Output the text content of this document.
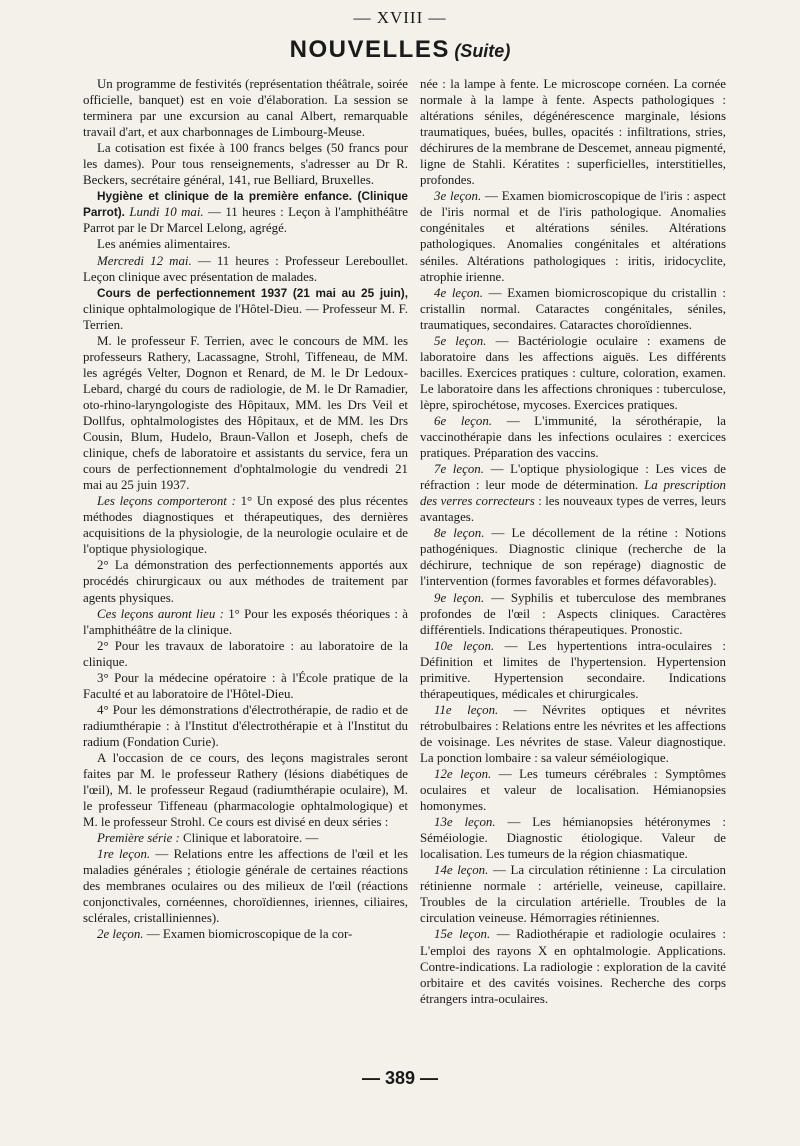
— XVIII —
NOUVELLES (Suite)

Un programme de festivités (représentation théâtrale, soirée officielle, banquet) est en voie d'élaboration. La session se terminera par une excursion au canal Albert, remarquable travail d'art, et aux charbonnages de Limbourg-Meuse.

La cotisation est fixée à 100 francs belges (50 francs pour les dames). Pour tous renseignements, s'adresser au Dr R. Beckers, secrétaire général, 141, rue Belliard, Bruxelles.

Hygiène et clinique de la première enfance. (Clinique Parrot). Lundi 10 mai. — 11 heures : Leçon à l'amphithéâtre Parrot par le Dr Marcel Lelong, agrégé.

Les anémies alimentaires.

Mercredi 12 mai. — 11 heures : Professeur Lereboullet. Leçon clinique avec présentation de malades.

Cours de perfectionnement 1937 (21 mai au 25 juin), clinique ophtalmologique de l'Hôtel-Dieu. — Professeur M. F. Terrien.

M. le professeur F. Terrien, avec le concours de MM. les professeurs Rathery, Lacassagne, Strohl, Tiffeneau, de MM. les agrégés Velter, Dognon et Renard, de M. le Dr Ledoux-Lebard, chargé du cours de radiologie, de M. le Dr Ramadier, oto-rhino-laryngologiste des Hôpitaux, MM. les Drs Veil et Dollfus, ophtalmologistes des Hôpitaux, et de MM. les Drs Cousin, Blum, Hudelo, Braun-Vallon et Joseph, chefs de clinique, chefs de laboratoire et assistants du service, fera un cours de perfectionnement d'ophtalmologie du vendredi 21 mai au 25 juin 1937.

Les leçons comporteront : 1° Un exposé des plus récentes méthodes diagnostiques et thérapeutiques, des dernières acquisitions de la physiologie, de la neurologie oculaire et de l'optique physiologique.

2° La démonstration des perfectionnements apportés aux procédés chirurgicaux ou aux méthodes de traitement par agents physiques.

Ces leçons auront lieu : 1° Pour les exposés théoriques : à l'amphithéâtre de la clinique.

2° Pour les travaux de laboratoire : au laboratoire de la clinique.

3° Pour la médecine opératoire : à l'École pratique de la Faculté et au laboratoire de l'Hôtel-Dieu.

4° Pour les démonstrations d'électrothérapie, de radio et de radiumthérapie : à l'Institut d'électrothérapie et à l'Institut du radium (Fondation Curie).

A l'occasion de ce cours, des leçons magistrales seront faites par M. le professeur Rathery (lésions diabétiques de l'œil), M. le professeur Regaud (radiumthérapie oculaire), M. le professeur Tiffeneau (pharmacologie ophtalmologique) et M. le professeur Strohl. Ce cours est divisé en deux séries :

Première série : Clinique et laboratoire. —

1re leçon. — Relations entre les affections de l'œil et les maladies générales ; étiologie générale de certaines réactions des membranes oculaires ou des milieux de l'œil (réactions conjonctivales, cornéennes, choroïdiennes, iriennes, ciliaires, sclérales, cristalliniennes).

2e leçon. — Examen biomicroscopique de la cor-

née : la lampe à fente. Le microscope cornéen. La cornée normale à la lampe à fente. Aspects pathologiques : altérations séniles, dégénérescence marginale, lésions traumatiques, buées, bulles, opacités : infiltrations, stries, déchirures de la membrane de Descemet, anneau pigmenté, ligne de Stahli. Kératites : superficielles, interstitielles, profondes.

3e leçon. — Examen biomicroscopique de l'iris : aspect de l'iris normal et de l'iris pathologique. Anomalies congénitales et altérations séniles. Altérations pathologiques. Anomalies congénitales et altérations séniles. Altérations pathologiques : iritis, iridocyclite, atrophie irienne.

4e leçon. — Examen biomicroscopique du cristallin : cristallin normal. Cataractes congénitales, séniles, traumatiques, secondaires. Cataractes choroïdiennes.

5e leçon. — Bactériologie oculaire : examens de laboratoire dans les affections aiguës. Les différents bacilles. Exercices pratiques : culture, coloration, examen. Le laboratoire dans les affections chroniques : tuberculose, lèpre, spirochétose, mycoses. Exercices pratiques.

6e leçon. — L'immunité, la sérothérapie, la vaccinothérapie dans les infections oculaires : exercices pratiques. Préparation des vaccins.

7e leçon. — L'optique physiologique : Les vices de réfraction : leur mode de détermination. La prescription des verres correcteurs : les nouveaux types de verres, leurs avantages.

8e leçon. — Le décollement de la rétine : Notions pathogéniques. Diagnostic clinique (recherche de la déchirure, technique de son repérage) diagnostic de l'intervention (formes favorables et formes défavorables).

9e leçon. — Syphilis et tuberculose des membranes profondes de l'œil : Aspects cliniques. Caractères différentiels. Indications thérapeutiques. Pronostic.

10e leçon. — Les hypertentions intra-oculaires : Définition et limites de l'hypertension. Hypertension primitive. Hypertension secondaire. Indications thérapeutiques, médicales et chirurgicales.

11e leçon. — Névrites optiques et névrites rétrobulbaires : Relations entre les névrites et les affections de voisinage. Les névrites de stase. Valeur diagnostique. La ponction lombaire : sa valeur séméiologique.

12e leçon. — Les tumeurs cérébrales : Symptômes oculaires et valeur de localisation. Hémianopsies homonymes.

13e leçon. — Les hémianopsies hétéronymes : Séméiologie. Diagnostic étiologique. Valeur de localisation. Les tumeurs de la région chiasmatique.

14e leçon. — La circulation rétinienne : La circulation rétinienne normale : artérielle, veineuse, capillaire. Troubles de la circulation artérielle. Troubles de la circulation veineuse. Hémorragies rétiniennes.

15e leçon. — Radiothérapie et radiologie oculaires : L'emploi des rayons X en ophtalmologie. Applications. Contre-indications. La radiologie : exploration de la cavité orbitaire et des cavités voisines. Recherche des corps étrangers intra-oculaires.

— 389 —
